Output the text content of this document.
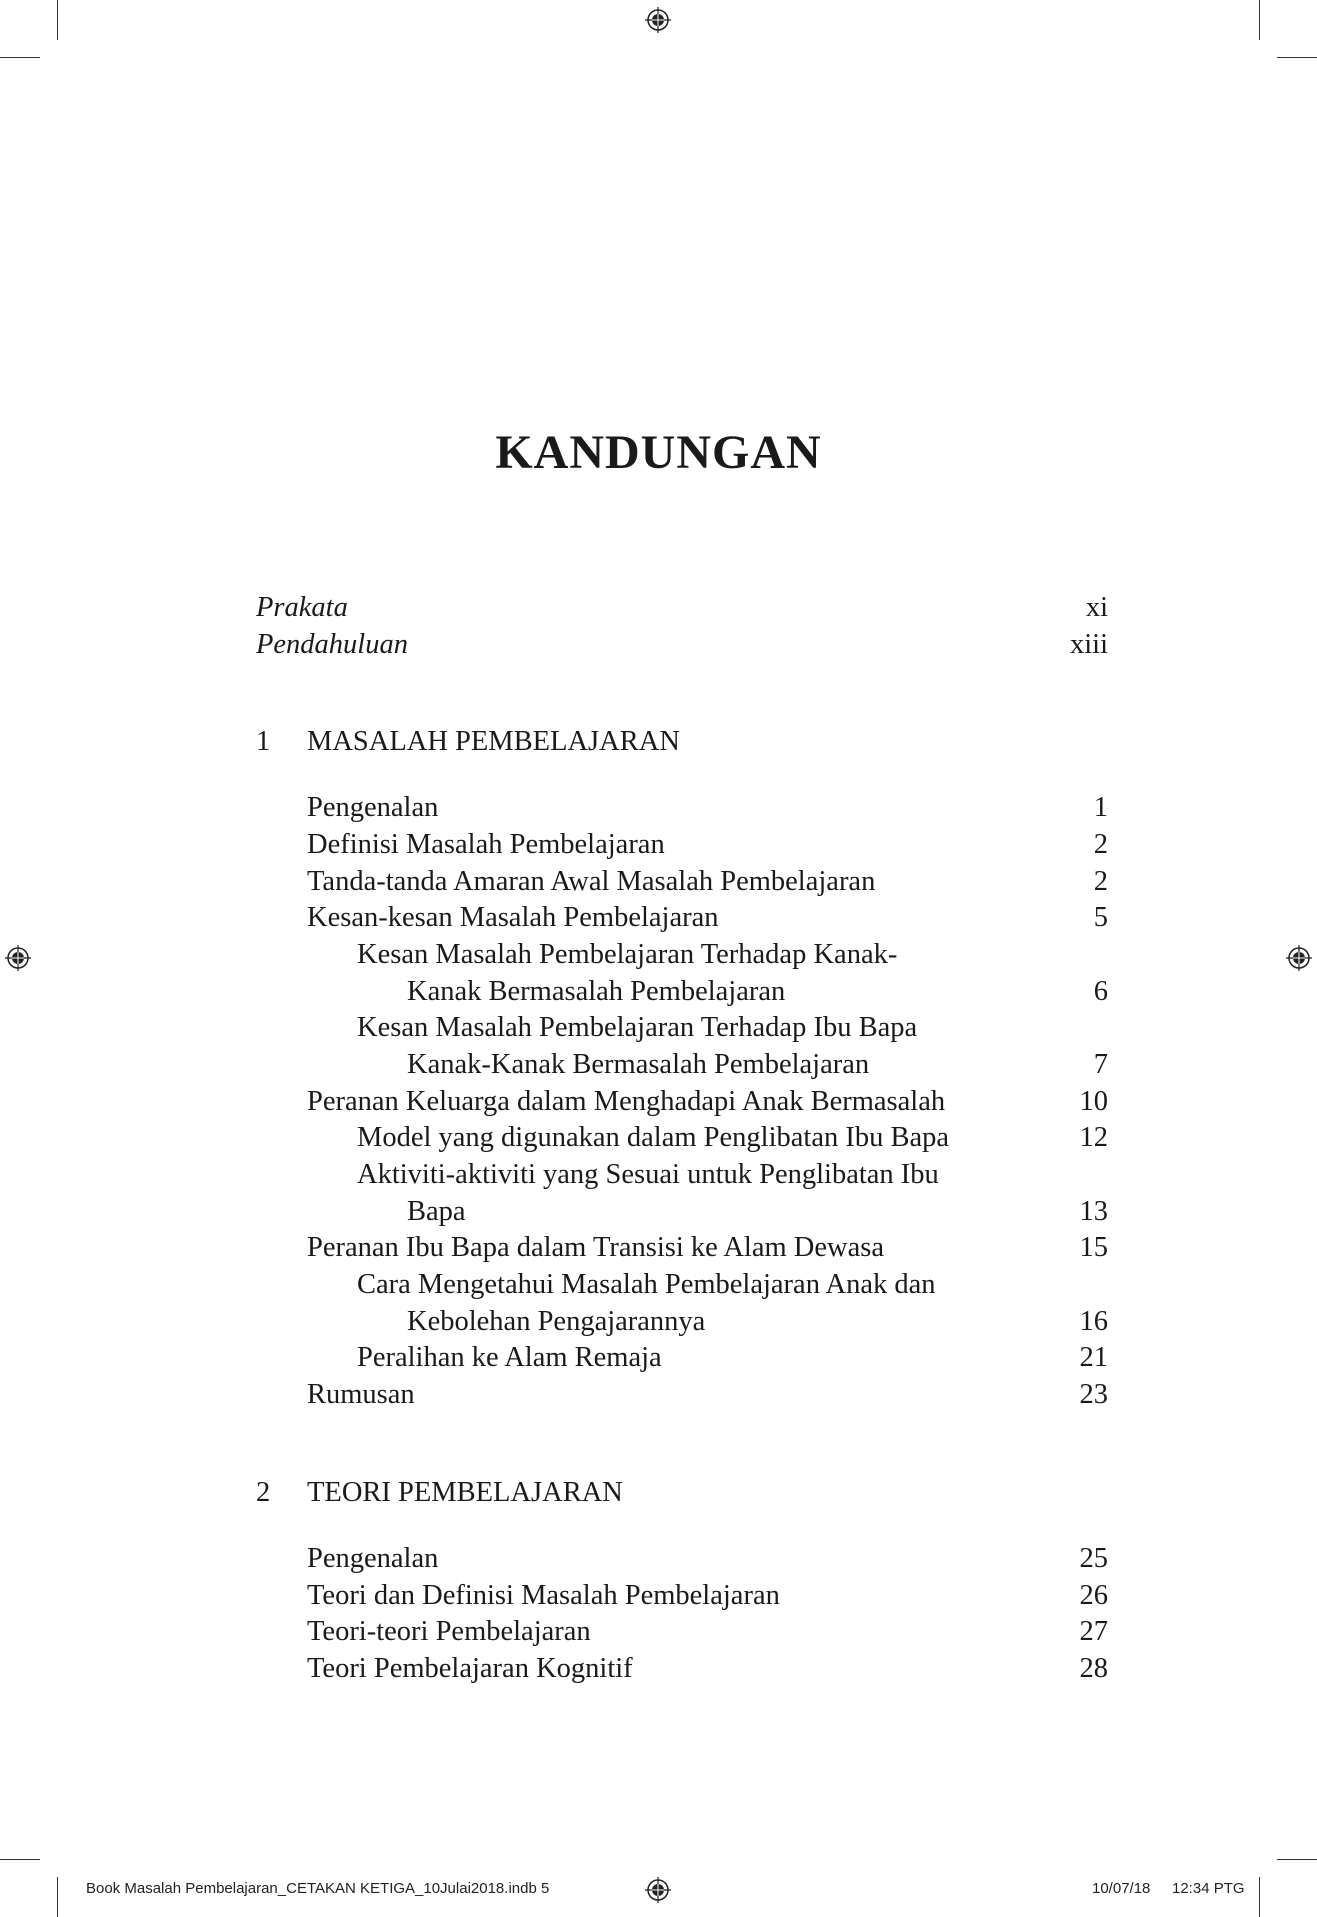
KANDUNGAN
Prakata	xi
Pendahuluan	xiii
1 MASALAH PEMBELAJARAN
Pengenalan	1
Definisi Masalah Pembelajaran	2
Tanda-tanda Amaran Awal Masalah Pembelajaran	2
Kesan-kesan Masalah Pembelajaran	5
Kesan Masalah Pembelajaran Terhadap Kanak-
Kanak Bermasalah Pembelajaran	6
Kesan Masalah Pembelajaran Terhadap Ibu Bapa
Kanak-Kanak Bermasalah Pembelajaran	7
Peranan Keluarga dalam Menghadapi Anak Bermasalah	10
Model yang digunakan dalam Penglibatan Ibu Bapa	12
Aktiviti-aktiviti yang Sesuai untuk Penglibatan Ibu
Bapa	13
Peranan Ibu Bapa dalam Transisi ke Alam Dewasa	15
Cara Mengetahui Masalah Pembelajaran Anak dan
Kebolehan Pengajarannya	16
Peralihan ke Alam Remaja	21
Rumusan	23
2 TEORI PEMBELAJARAN
Pengenalan	25
Teori dan Definisi Masalah Pembelajaran	26
Teori-teori Pembelajaran	27
Teori Pembelajaran Kognitif	28
Book Masalah Pembelajaran_CETAKAN KETIGA_10Julai2018.indb 5	10/07/18 12:34 PTG
